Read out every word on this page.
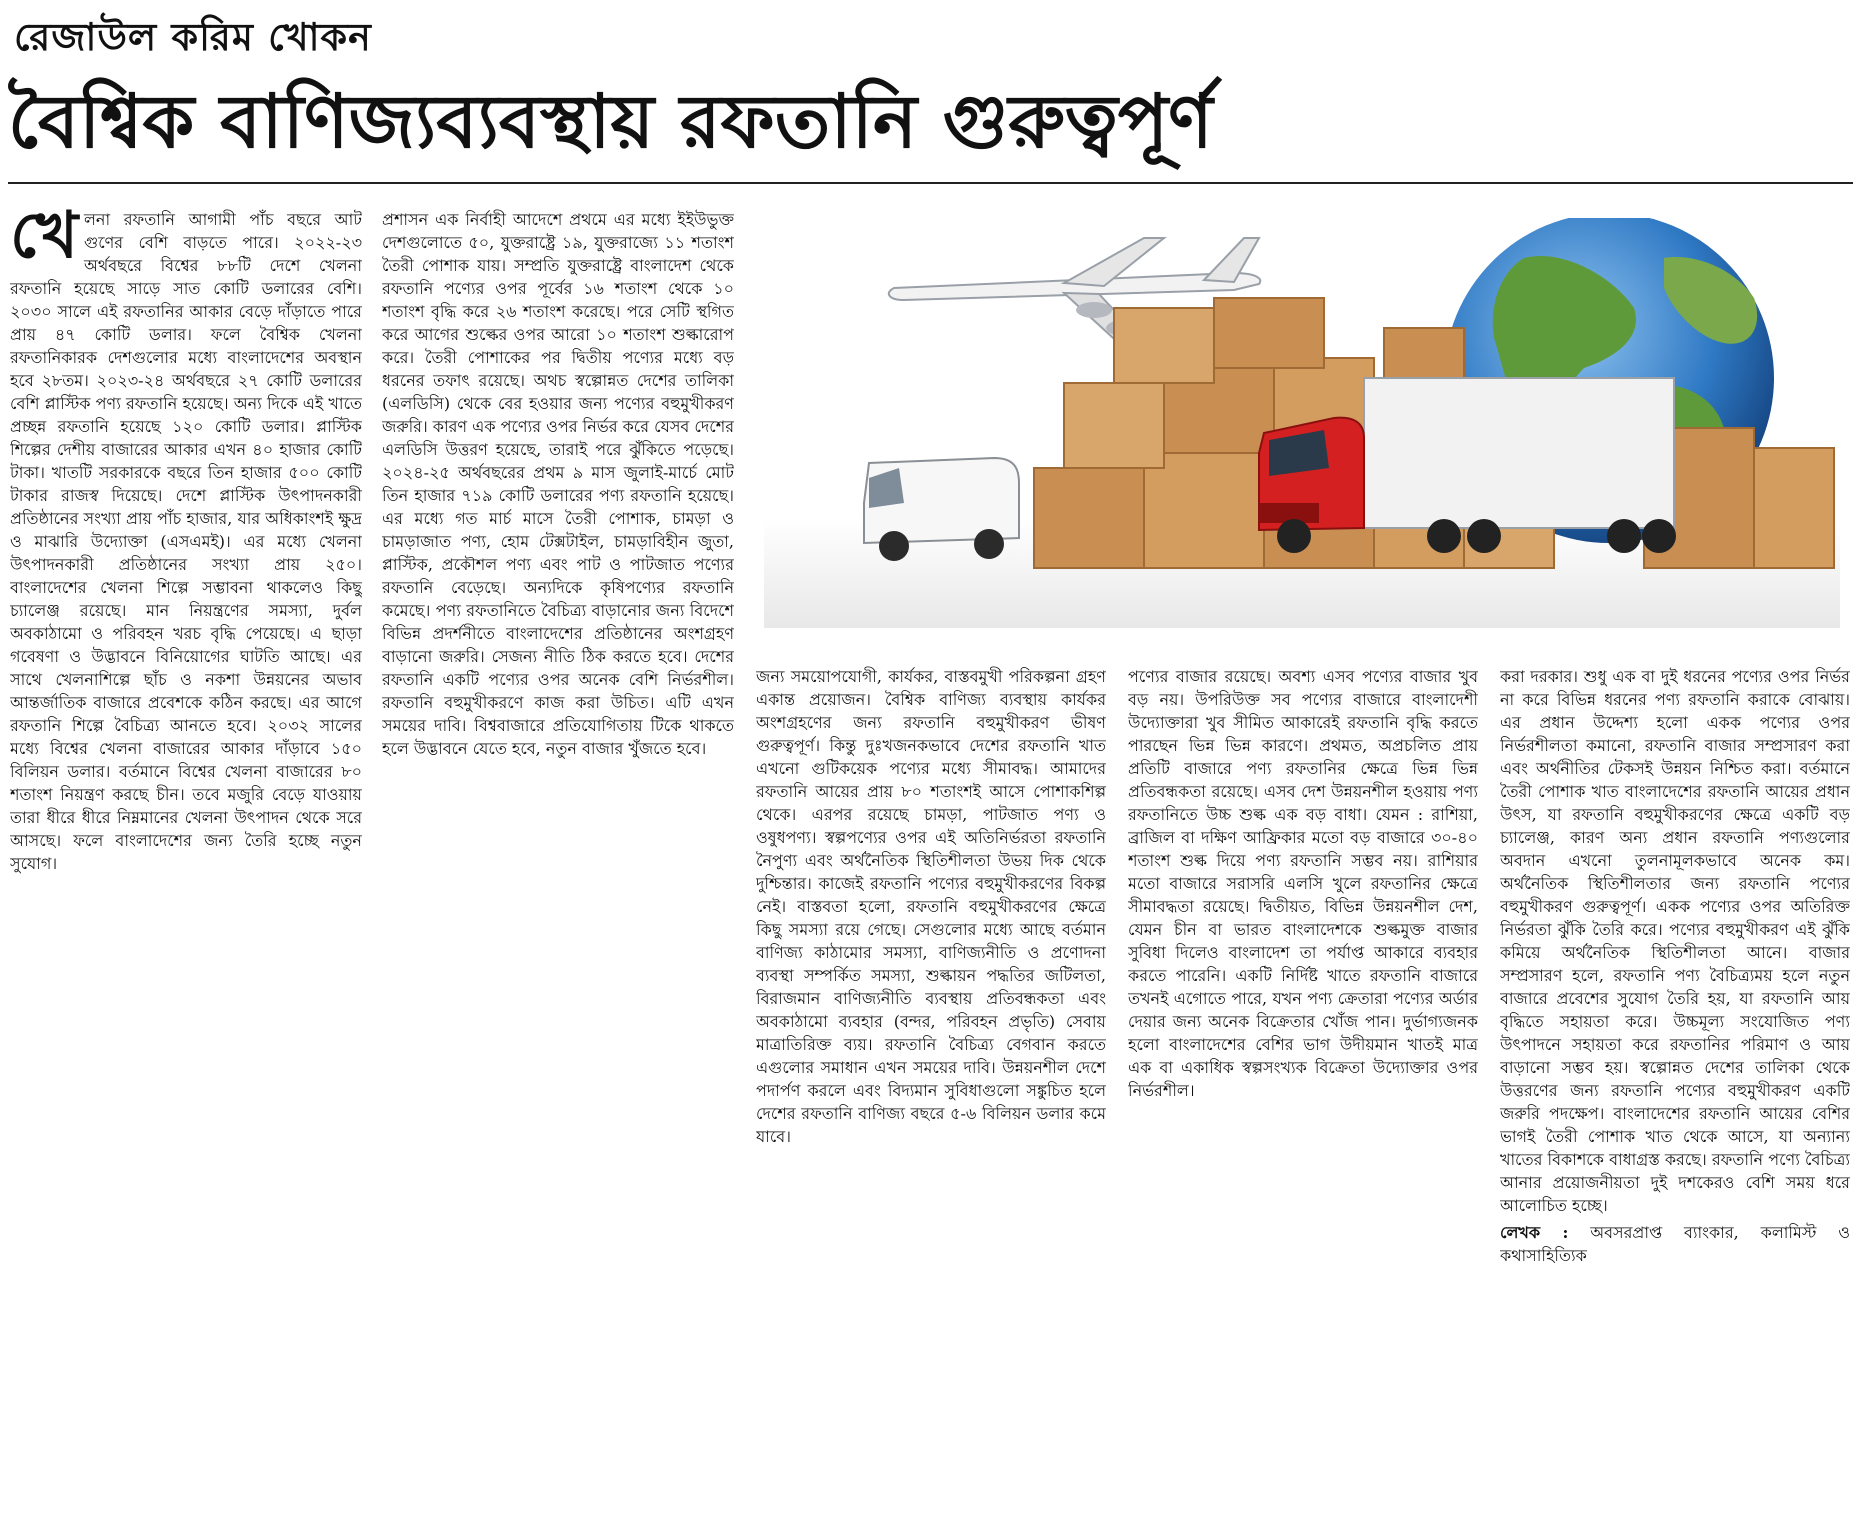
রেজাউল করিম খোকন
বৈশ্বিক বাণিজ্যব্যবস্থায় রফতানি গুরুত্বপূর্ণ
খে লনা রফতানি আগামী পাঁচ বছরে আট গুণের বেশি বাড়তে পারে। ২০২২-২৩ অর্থবছরে বিশ্বের ৮৮টি দেশে খেলনা রফতানি হয়েছে সাড়ে সাত কোটি ডলারের বেশি। ২০৩০ সালে এই রফতানির আকার বেড়ে দাঁড়াতে পারে প্রায় ৪৭ কোটি ডলার। ফলে বৈশ্বিক খেলনা রফতানিকারক দেশগুলোর মধ্যে বাংলাদেশের অবস্থান হবে ২৮তম। ২০২৩-২৪ অর্থবছরে ২৭ কোটি ডলারের বেশি প্লাস্টিক পণ্য রফতানি হয়েছে। অন্য দিকে এই খাতে প্রচ্ছন্ন রফতানি হয়েছে ১২০ কোটি ডলার। প্লাস্টিক শিল্পের দেশীয় বাজারের আকার এখন ৪০ হাজার কোটি টাকা। খাতটি সরকারকে বছরে তিন হাজার ৫০০ কোটি টাকার রাজস্ব দিয়েছে। দেশে প্লাস্টিক উৎপাদনকারী প্রতিষ্ঠানের সংখ্যা প্রায় পাঁচ হাজার, যার অধিকাংশই ক্ষুদ্র ও মাঝারি উদ্যোক্তা (এসএমই)। এর মধ্যে খেলনা উৎপাদনকারী প্রতিষ্ঠানের সংখ্যা প্রায় ২৫০। বাংলাদেশের খেলনা শিল্পে সম্ভাবনা থাকলেও কিছু চ্যালেঞ্জ রয়েছে। মান নিয়ন্ত্রণের সমস্যা, দুর্বল অবকাঠামো ও পরিবহন খরচ বৃদ্ধি পেয়েছে। এ ছাড়া গবেষণা ও উদ্ভাবনে বিনিয়োগের ঘাটতি আছে। এর সাথে খেলনাশিল্পে ছাঁচ ও নকশা উন্নয়নের অভাব আন্তর্জাতিক বাজারে প্রবেশকে কঠিন করছে। এর আগে রফতানি শিল্পে বৈচিত্র্য আনতে হবে। ২০৩২ সালের মধ্যে বিশ্বের খেলনা বাজারের আকার দাঁড়াবে ১৫০ বিলিয়ন ডলার। বর্তমানে বিশ্বের খেলনা বাজারের ৮০ শতাংশ নিয়ন্ত্রণ করছে চীন। তবে মজুরি বেড়ে যাওয়ায় তারা ধীরে ধীরে নিম্নমানের খেলনা উৎপাদন থেকে সরে আসছে। ফলে বাংলাদেশের জন্য তৈরি হচ্ছে নতুন সুযোগ।
প্রশাসন এক নির্বাহী আদেশে প্রথমে এর মধ্যে ইইউভুক্ত দেশগুলোতে ৫০, যুক্তরাষ্ট্রে ১৯, যুক্তরাজ্যে ১১ শতাংশ তৈরী পোশাক যায়। সম্প্রতি যুক্তরাষ্ট্রে বাংলাদেশ থেকে রফতানি পণ্যের ওপর পূর্বের ১৬ শতাংশ থেকে ১০ শতাংশ বৃদ্ধি করে ২৬ শতাংশ করেছে। পরে সেটি স্থগিত করে আগের শুল্কের ওপর আরো ১০ শতাংশ শুল্কারোপ করে। তৈরী পোশাকের পর দ্বিতীয় পণ্যের মধ্যে বড় ধরনের তফাৎ রয়েছে। অথচ স্বল্পোন্নত দেশের তালিকা (এলডিসি) থেকে বের হওয়ার জন্য পণ্যের বহুমুখীকরণ জরুরি। কারণ এক পণ্যের ওপর নির্ভর করে যেসব দেশের এলডিসি উত্তরণ হয়েছে, তারাই পরে ঝুঁকিতে পড়েছে। ২০২৪-২৫ অর্থবছরের প্রথম ৯ মাস জুলাই-মার্চে মোট তিন হাজার ৭১৯ কোটি ডলারের পণ্য রফতানি হয়েছে। এর মধ্যে গত মার্চ মাসে তৈরী পোশাক, চামড়া ও চামড়াজাত পণ্য, হোম টেক্সটাইল, চামড়াবিহীন জুতা, প্লাস্টিক, প্রকৌশল পণ্য এবং পাট ও পাটজাত পণ্যের রফতানি বেড়েছে। অন্যদিকে কৃষিপণ্যের রফতানি কমেছে। পণ্য রফতানিতে বৈচিত্র্য বাড়ানোর জন্য বিদেশে বিভিন্ন প্রদর্শনীতে বাংলাদেশের প্রতিষ্ঠানের অংশগ্রহণ বাড়ানো জরুরি। সেজন্য নীতি ঠিক করতে হবে। দেশের রফতানি একটি পণ্যের ওপর অনেক বেশি নির্ভরশীল। রফতানি বহুমুখীকরণে কাজ করা উচিত। এটি এখন সময়ের দাবি। বিশ্ববাজারে প্রতিযোগিতায় টিকে থাকতে হলে উদ্ভাবনে যেতে হবে, নতুন বাজার খুঁজতে হবে।
জন্য সময়োপযোগী, কার্যকর, বাস্তবমুখী পরিকল্পনা গ্রহণ একান্ত প্রয়োজন। বৈশ্বিক বাণিজ্য ব্যবস্থায় কার্যকর অংশগ্রহণের জন্য রফতানি বহুমুখীকরণ ভীষণ গুরুত্বপূর্ণ। কিন্তু দুঃখজনকভাবে দেশের রফতানি খাত এখনো গুটিকয়েক পণ্যের মধ্যে সীমাবদ্ধ। আমাদের রফতানি আয়ের প্রায় ৮০ শতাংশই আসে পোশাকশিল্প থেকে। এরপর রয়েছে চামড়া, পাটজাত পণ্য ও ওষুধপণ্য। স্বল্পপণ্যের ওপর এই অতিনির্ভরতা রফতানি নৈপুণ্য এবং অর্থনৈতিক স্থিতিশীলতা উভয় দিক থেকে দুশ্চিন্তার। কাজেই রফতানি পণ্যের বহুমুখীকরণের বিকল্প নেই। বাস্তবতা হলো, রফতানি বহুমুখীকরণের ক্ষেত্রে কিছু সমস্যা রয়ে গেছে। সেগুলোর মধ্যে আছে বর্তমান বাণিজ্য কাঠামোর সমস্যা, বাণিজ্যনীতি ও প্রণোদনা ব্যবস্থা সম্পর্কিত সমস্যা, শুল্কায়ন পদ্ধতির জটিলতা, বিরাজমান বাণিজ্যনীতি ব্যবস্থায় প্রতিবন্ধকতা এবং অবকাঠামো ব্যবহার (বন্দর, পরিবহন প্রভৃতি) সেবায় মাত্রাতিরিক্ত ব্যয়। রফতানি বৈচিত্র্য বেগবান করতে এগুলোর সমাধান এখন সময়ের দাবি। উন্নয়নশীল দেশে পদার্পণ করলে এবং বিদ্যমান সুবিধাগুলো সঙ্কুচিত হলে দেশের রফতানি বাণিজ্য বছরে ৫-৬ বিলিয়ন ডলার কমে যাবে।
পণ্যের বাজার রয়েছে। অবশ্য এসব পণ্যের বাজার খুব বড় নয়। উপরিউক্ত সব পণ্যের বাজারে বাংলাদেশী উদ্যোক্তারা খুব সীমিত আকারেই রফতানি বৃদ্ধি করতে পারছেন ভিন্ন ভিন্ন কারণে। প্রথমত, অপ্রচলিত প্রায় প্রতিটি বাজারে পণ্য রফতানির ক্ষেত্রে ভিন্ন ভিন্ন প্রতিবন্ধকতা রয়েছে। এসব দেশ উন্নয়নশীল হওয়ায় পণ্য রফতানিতে উচ্চ শুল্ক এক বড় বাধা। যেমন : রাশিয়া, ব্রাজিল বা দক্ষিণ আফ্রিকার মতো বড় বাজারে ৩০-৪০ শতাংশ শুল্ক দিয়ে পণ্য রফতানি সম্ভব নয়। রাশিয়ার মতো বাজারে সরাসরি এলসি খুলে রফতানির ক্ষেত্রে সীমাবদ্ধতা রয়েছে। দ্বিতীয়ত, বিভিন্ন উন্নয়নশীল দেশ, যেমন চীন বা ভারত বাংলাদেশকে শুল্কমুক্ত বাজার সুবিধা দিলেও বাংলাদেশ তা পর্যাপ্ত আকারে ব্যবহার করতে পারেনি। একটি নির্দিষ্ট খাতে রফতানি বাজারে তখনই এগোতে পারে, যখন পণ্য ক্রেতারা পণ্যের অর্ডার দেয়ার জন্য অনেক বিক্রেতার খোঁজ পান। দুর্ভাগ্যজনক হলো বাংলাদেশের বেশির ভাগ উদীয়মান খাতই মাত্র এক বা একাধিক স্বল্পসংখ্যক বিক্রেতা উদ্যোক্তার ওপর নির্ভরশীল।

করা দরকার। শুধু এক বা দুই ধরনের পণ্যের ওপর নির্ভর না করে বিভিন্ন ধরনের পণ্য রফতানি করাকে বোঝায়। এর প্রধান উদ্দেশ্য হলো একক পণ্যের ওপর নির্ভরশীলতা কমানো, রফতানি বাজার সম্প্রসারণ করা এবং অর্থনীতির টেকসই উন্নয়ন নিশ্চিত করা। বর্তমানে তৈরী পোশাক খাত বাংলাদেশের রফতানি আয়ের প্রধান উৎস, যা রফতানি বহুমুখীকরণের ক্ষেত্রে একটি বড় চ্যালেঞ্জ, কারণ অন্য প্রধান রফতানি পণ্যগুলোর অবদান এখনো তুলনামূলকভাবে অনেক কম। অর্থনৈতিক স্থিতিশীলতার জন্য রফতানি পণ্যের বহুমুখীকরণ গুরুত্বপূর্ণ। একক পণ্যের ওপর অতিরিক্ত নির্ভরতা ঝুঁকি তৈরি করে। পণ্যের বহুমুখীকরণ এই ঝুঁকি কমিয়ে অর্থনৈতিক স্থিতিশীলতা আনে। বাজার সম্প্রসারণ হলে, রফতানি পণ্য বৈচিত্র্যময় হলে নতুন বাজারে প্রবেশের সুযোগ তৈরি হয়, যা রফতানি আয় বৃদ্ধিতে সহায়তা করে। উচ্চমূল্য সংযোজিত পণ্য উৎপাদনে সহায়তা করে রফতানির পরিমাণ ও আয় বাড়ানো সম্ভব হয়। স্বল্পোন্নত দেশের তালিকা থেকে উত্তরণের জন্য রফতানি পণ্যের বহুমুখীকরণ একটি জরুরি পদক্ষেপ। বাংলাদেশের রফতানি আয়ের বেশির ভাগই তৈরী পোশাক খাত থেকে আসে, যা অন্যান্য খাতের বিকাশকে বাধাগ্রস্ত করছে। রফতানি পণ্যে বৈচিত্র্য আনার প্রয়োজনীয়তা দুই দশকেরও বেশি সময় ধরে আলোচিত হচ্ছে।

লেখক : অবসরপ্রাপ্ত ব্যাংকার, কলামিস্ট ও কথাসাহিত্যিক
